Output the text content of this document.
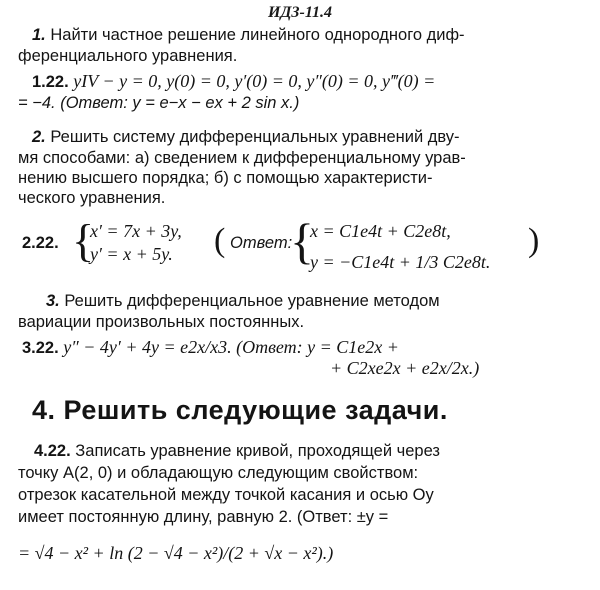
ИДЗ-11.4
1. Найти частное решение линейного однородного диф-
ференциального уравнения.
1.22. yIV − y = 0, y(0) = 0, y′(0) = 0, y″(0) = 0, y‴(0) =
= −4. (Ответ: y = e−x − ex + 2 sin x.)
2. Решить систему дифференциальных уравнений дву-
мя способами: а) сведением к дифференциальному урав-
нению высшего порядка; б) с помощью характеристи-
ческого уравнения.
2.22. {
x′ = 7x + 3y,
y′ = x + 5y. ( Ответ:
{
x = C1e4t + C2e8t,
y = −C1e4t + 1/3 C2e8t.
)
3. Решить дифференциальное уравнение методом
вариации произвольных постоянных.
3.22. y″ − 4y′ + 4y = e2x/x3. (Ответ: y = C1e2x +
+ C2xe2x + e2x/2x.)
4. Решить следующие задачи.
4.22. Записать уравнение кривой, проходящей через
точку A(2, 0) и обладающую следующим свойством:
отрезок касательной между точкой касания и осью Oy
имеет постоянную длину, равную 2. (Ответ: ±y =
= √4 − x² + ln (2 − √4 − x²)/(2 + √x − x²).)
